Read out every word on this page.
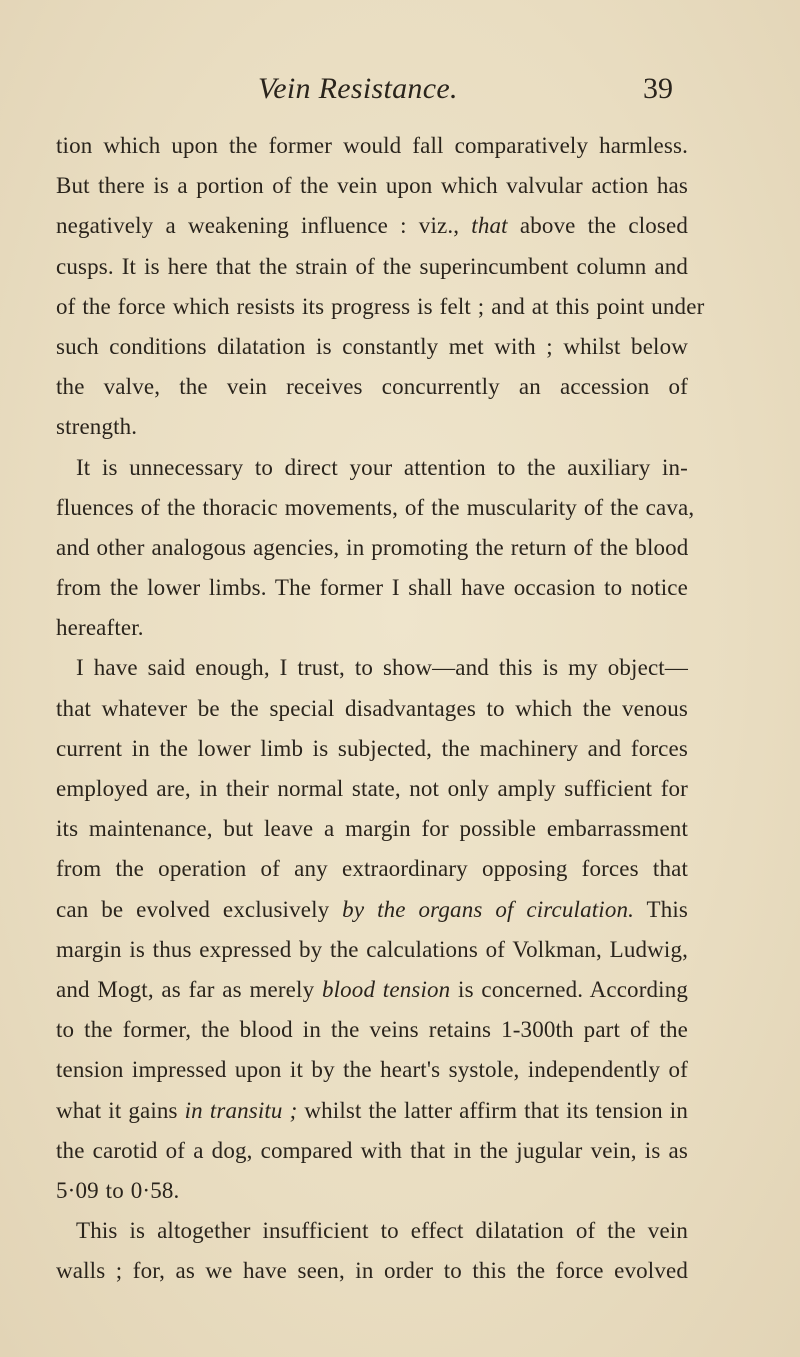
Vein Resistance.	39
tion which upon the former would fall comparatively harmless.
But there is a portion of the vein upon which valvular action has
negatively a weakening influence : viz., that above the closed
cusps. It is here that the strain of the superincumbent column and
of the force which resists its progress is felt ; and at this point under
such conditions dilatation is constantly met with ; whilst below
the valve, the vein receives concurrently an accession of
strength.
It is unnecessary to direct your attention to the auxiliary in-
fluences of the thoracic movements, of the muscularity of the cava,
and other analogous agencies, in promoting the return of the blood
from the lower limbs. The former I shall have occasion to notice
hereafter.
I have said enough, I trust, to show—and this is my object—
that whatever be the special disadvantages to which the venous
current in the lower limb is subjected, the machinery and forces
employed are, in their normal state, not only amply sufficient for
its maintenance, but leave a margin for possible embarrassment
from the operation of any extraordinary opposing forces that
can be evolved exclusively by the organs of circulation. This
margin is thus expressed by the calculations of Volkman, Ludwig,
and Mogt, as far as merely blood tension is concerned. According
to the former, the blood in the veins retains 1-300th part of the
tension impressed upon it by the heart's systole, independently of
what it gains in transitu ; whilst the latter affirm that its tension in
the carotid of a dog, compared with that in the jugular vein, is as
5·09 to 0·58.
This is altogether insufficient to effect dilatation of the vein
walls ; for, as we have seen, in order to this the force evolved
